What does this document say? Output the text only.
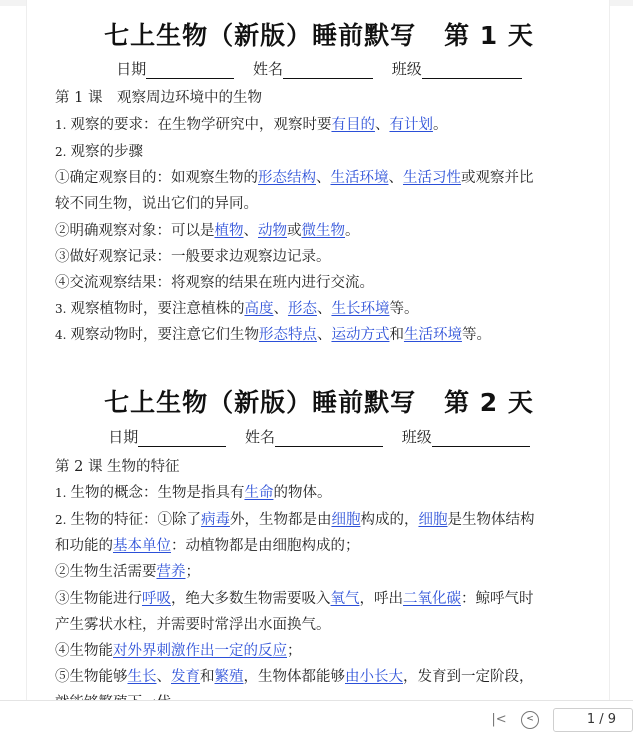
七上生物（新版）睡前默写 第 1 天
日期	姓名	班级
第 1 课　观察周边环境中的生物
1. 观察的要求：在生物学研究中，观察时要有目的、有计划。
2. 观察的步骤
①确定观察目的：如观察生物的形态结构、生活环境、生活习性或观察并比
较不同生物，说出它们的异同。
②明确观察对象：可以是植物、动物或微生物。
③做好观察记录：一般要求边观察边记录。
④交流观察结果：将观察的结果在班内进行交流。
3. 观察植物时，要注意植株的高度、形态、生长环境等。
4. 观察动物时，要注意它们生物形态特点、运动方式和生活环境等。
七上生物（新版）睡前默写 第 2 天
日期	姓名	班级
第 2 课 生物的特征
1. 生物的概念：生物是指具有生命的物体。
2. 生物的特征：①除了病毒外，生物都是由细胞构成的，细胞是生物体结构
和功能的基本单位：动植物都是由细胞构成的；
②生物生活需要营养；
③生物能进行呼吸，绝大多数生物需要吸入氧气，呼出二氧化碳：鲸呼气时
产生雾状水柱，并需要时常浮出水面换气。
④生物能对外界刺激作出一定的反应；
⑤生物能够生长、发育和繁殖，生物体都能够由小长大，发育到一定阶段，
|<	<	1 / 9
